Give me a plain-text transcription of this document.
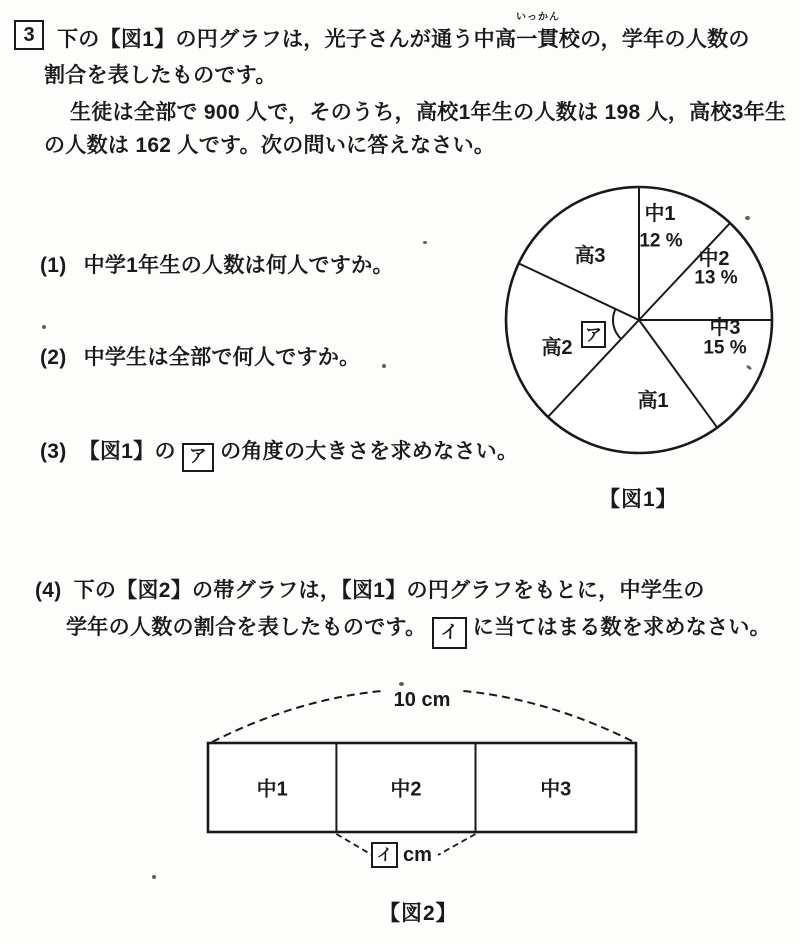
3 下の【図1】の円グラフは，光子さんが通う中高一貫校の，学年の人数の
いっかん
割合を表したものです。
生徒は全部で 900 人で，そのうち，高校1年生の人数は 198 人，高校3年生
の人数は 162 人です。次の問いに答えなさい。
(1) 中学1年生の人数は何人ですか。
(2) 中学生は全部で何人ですか。
(3) 【図1】の ア の角度の大きさを求めなさい。
中1
中2
中3
高1
高2
高3
12 %
13 %
15 %
ア
【図1】
(4) 下の【図2】の帯グラフは，【図1】の円グラフをもとに，中学生の
学年の人数の割合を表したものです。 イ に当てはまる数を求めなさい。
10 cm
中1	中2	中3
イ cm
【図2】
